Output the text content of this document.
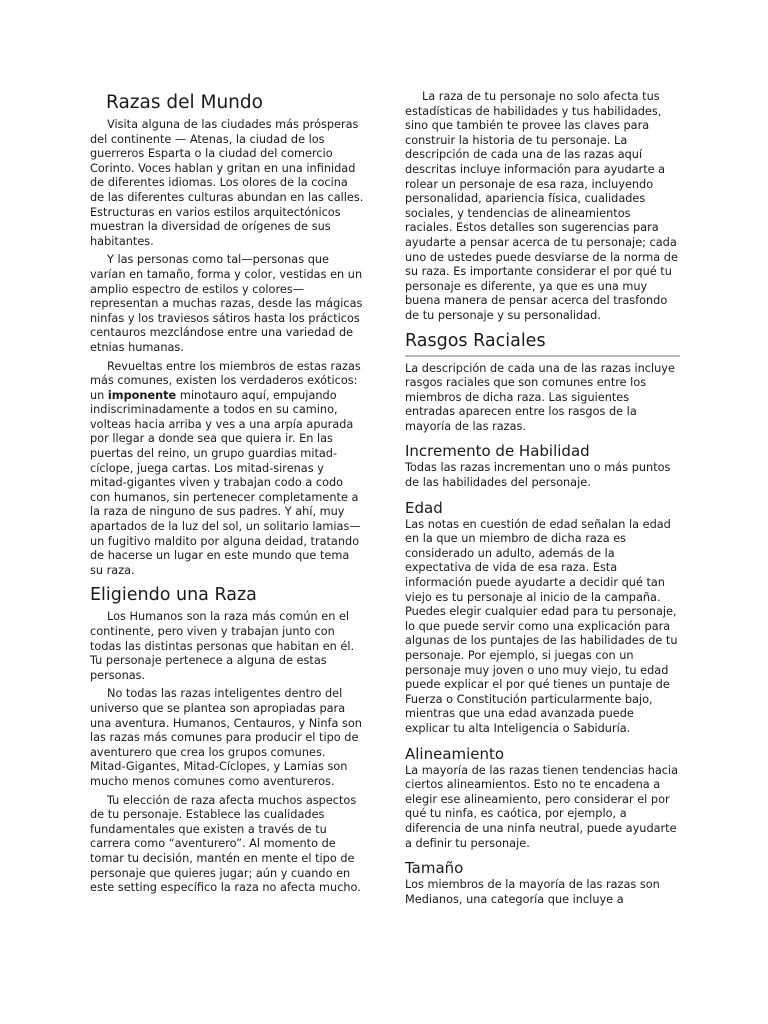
Razas del Mundo

Visita alguna de las ciudades más prósperas del continente — Atenas, la ciudad de los guerreros Esparta o la ciudad del comercio Corinto. Voces hablan y gritan en una infinidad de diferentes idiomas. Los olores de la cocina de las diferentes culturas abundan en las calles. Estructuras en varios estilos arquitectónicos muestran la diversidad de orígenes de sus habitantes.

Y las personas como tal—personas que varían en tamaño, forma y color, vestidas en un amplio espectro de estilos y colores—representan a muchas razas, desde las mágicas ninfas y los traviesos sátiros hasta los prácticos centauros mezclándose entre una variedad de etnias humanas.

Revueltas entre los miembros de estas razas más comunes, existen los verdaderos exóticos: un imponente minotauro aquí, empujando indiscriminadamente a todos en su camino, volteas hacia arriba y ves a una arpía apurada por llegar a donde sea que quiera ir. En las puertas del reino, un grupo guardias mitad-cíclope, juega cartas. Los mitad-sirenas y mitad-gigantes viven y trabajan codo a codo con humanos, sin pertenecer completamente a la raza de ninguno de sus padres. Y ahí, muy apartados de la luz del sol, un solitario lamias—un fugitivo maldito por alguna deidad, tratando de hacerse un lugar en este mundo que tema su raza.

Eligiendo una Raza

Los Humanos son la raza más común en el continente, pero viven y trabajan junto con todas las distintas personas que habitan en él. Tu personaje pertenece a alguna de estas personas.

No todas las razas inteligentes dentro del universo que se plantea son apropiadas para una aventura. Humanos, Centauros, y Ninfa son las razas más comunes para producir el tipo de aventurero que crea los grupos comunes. Mitad-Gigantes, Mitad-Cíclopes, y Lamias son mucho menos comunes como aventureros.

Tu elección de raza afecta muchos aspectos de tu personaje. Establece las cualidades fundamentales que existen a través de tu carrera como “aventurero”. Al momento de tomar tu decisión, mantén en mente el tipo de personaje que quieres jugar; aún y cuando en este setting específico la raza no afecta mucho.

La raza de tu personaje no solo afecta tus estadísticas de habilidades y tus habilidades, sino que también te provee las claves para construir la historia de tu personaje. La descripción de cada una de las razas aquí descritas incluye información para ayudarte a rolear un personaje de esa raza, incluyendo personalidad, apariencia física, cualidades sociales, y tendencias de alineamientos raciales. Estos detalles son sugerencias para ayudarte a pensar acerca de tu personaje; cada uno de ustedes puede desviarse de la norma de su raza. Es importante considerar el por qué tu personaje es diferente, ya que es una muy buena manera de pensar acerca del trasfondo de tu personaje y su personalidad.

Rasgos Raciales

La descripción de cada una de las razas incluye rasgos raciales que son comunes entre los miembros de dicha raza. Las siguientes entradas aparecen entre los rasgos de la mayoría de las razas.

Incremento de Habilidad

Todas las razas incrementan uno o más puntos de las habilidades del personaje.

Edad

Las notas en cuestión de edad señalan la edad en la que un miembro de dicha raza es considerado un adulto, además de la expectativa de vida de esa raza. Esta información puede ayudarte a decidir qué tan viejo es tu personaje al inicio de la campaña. Puedes elegir cualquier edad para tu personaje, lo que puede servir como una explicación para algunas de los puntajes de las habilidades de tu personaje. Por ejemplo, si juegas con un personaje muy joven o uno muy viejo, tu edad puede explicar el por qué tienes un puntaje de Fuerza o Constitución particularmente bajo, mientras que una edad avanzada puede explicar tu alta Inteligencia o Sabiduría.

Alineamiento

La mayoría de las razas tienen tendencias hacia ciertos alineamientos. Esto no te encadena a elegir ese alineamiento, pero considerar el por qué tu ninfa, es caótica, por ejemplo, a diferencia de una ninfa neutral, puede ayudarte a definir tu personaje.

Tamaño

Los miembros de la mayoría de las razas son Medianos, una categoría que incluye a
